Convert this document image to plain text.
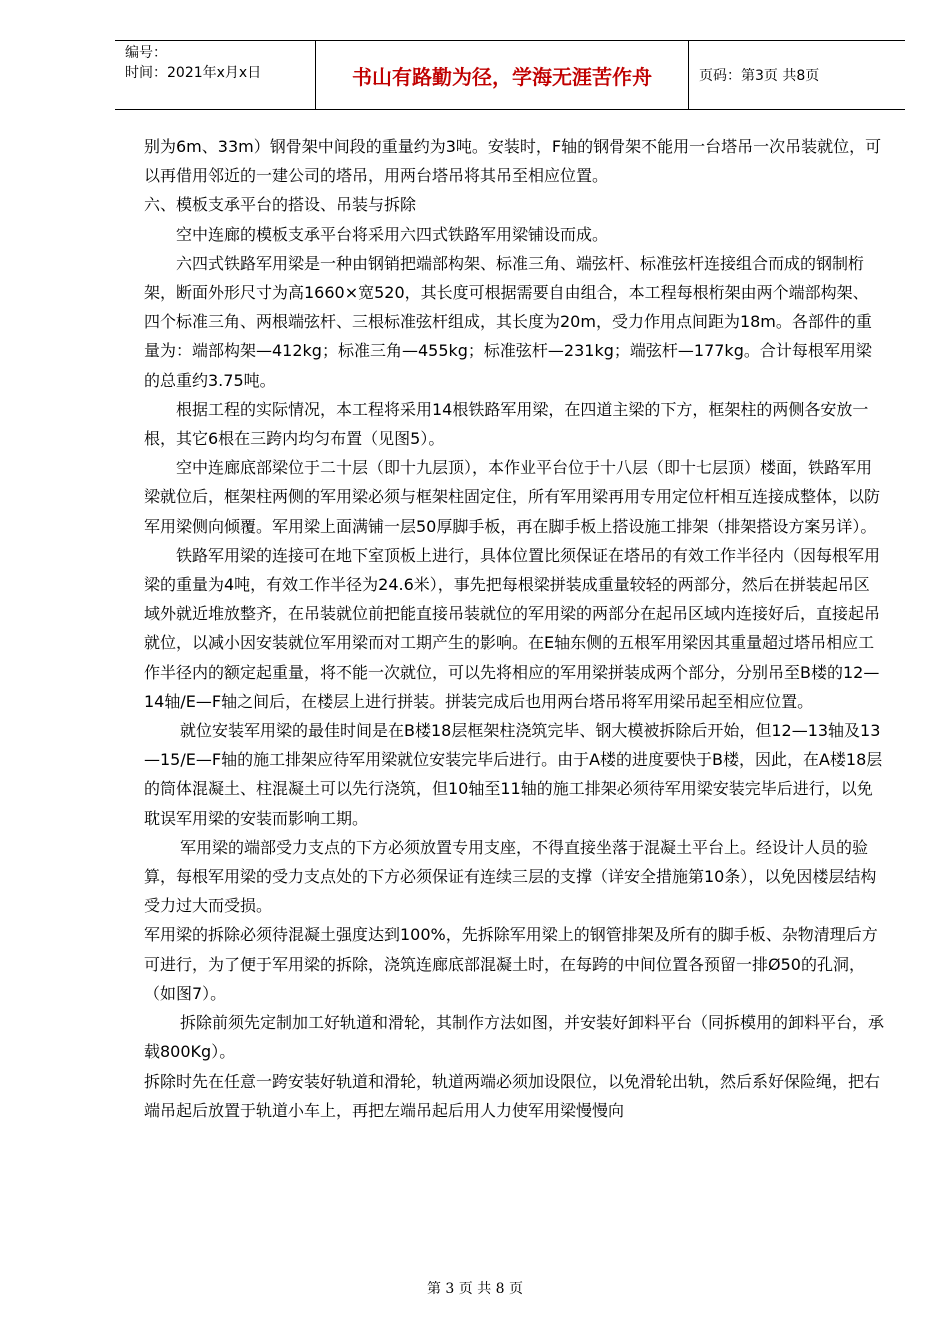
编号：
时间：2021年x月x日	书山有路勤为径，学海无涯苦作舟	页码：第3页 共8页

别为6m、33m）钢骨架中间段的重量约为3吨。安装时，F轴的钢骨架不能用一台塔吊一次吊装就位，可以再借用邻近的一建公司的塔吊，用两台塔吊将其吊至相应位置。

六、模板支承平台的搭设、吊装与拆除

空中连廊的模板支承平台将采用六四式铁路军用梁铺设而成。

六四式铁路军用梁是一种由钢销把端部构架、标准三角、端弦杆、标准弦杆连接组合而成的钢制桁架，断面外形尺寸为高1660×宽520，其长度可根据需要自由组合，本工程每根桁架由两个端部构架、四个标准三角、两根端弦杆、三根标准弦杆组成，其长度为20m，受力作用点间距为18m。各部件的重量为：端部构架—412kg；标准三角—455kg；标准弦杆—231kg；端弦杆—177kg。合计每根军用梁的总重约3.75吨。

根据工程的实际情况，本工程将采用14根铁路军用梁，在四道主梁的下方，框架柱的两侧各安放一根，其它6根在三跨内均匀布置（见图5）。

空中连廊底部梁位于二十层（即十九层顶），本作业平台位于十八层（即十七层顶）楼面，铁路军用梁就位后，框架柱两侧的军用梁必须与框架柱固定住，所有军用梁再用专用定位杆相互连接成整体，以防军用梁侧向倾覆。军用梁上面满铺一层50厚脚手板，再在脚手板上搭设施工排架（排架搭设方案另详）。

铁路军用梁的连接可在地下室顶板上进行，具体位置比须保证在塔吊的有效工作半径内（因每根军用梁的重量为4吨，有效工作半径为24.6米），事先把每根梁拼装成重量较轻的两部分，然后在拼装起吊区域外就近堆放整齐，在吊装就位前把能直接吊装就位的军用梁的两部分在起吊区域内连接好后，直接起吊就位，以减小因安装就位军用梁而对工期产生的影响。在E轴东侧的五根军用梁因其重量超过塔吊相应工作半径内的额定起重量，将不能一次就位，可以先将相应的军用梁拼装成两个部分，分别吊至B楼的12—14轴/E—F轴之间后，在楼层上进行拼装。拼装完成后也用两台塔吊将军用梁吊起至相应位置。

就位安装军用梁的最佳时间是在B楼18层框架柱浇筑完毕、钢大模被拆除后开始，但12—13轴及13—15/E—F轴的施工排架应待军用梁就位安装完毕后进行。由于A楼的进度要快于B楼，因此，在A楼18层的筒体混凝土、柱混凝土可以先行浇筑，但10轴至11轴的施工排架必须待军用梁安装完毕后进行，以免耽误军用梁的安装而影响工期。

军用梁的端部受力支点的下方必须放置专用支座，不得直接坐落于混凝土平台上。经设计人员的验算，每根军用梁的受力支点处的下方必须保证有连续三层的支撑（详安全措施第10条），以免因楼层结构受力过大而受损。

军用梁的拆除必须待混凝土强度达到100%，先拆除军用梁上的钢管排架及所有的脚手板、杂物清理后方可进行，为了便于军用梁的拆除，浇筑连廊底部混凝土时，在每跨的中间位置各预留一排Ø50的孔洞，（如图7）。

拆除前须先定制加工好轨道和滑轮，其制作方法如图，并安装好卸料平台（同拆模用的卸料平台，承载800Kg）。

拆除时先在任意一跨安装好轨道和滑轮，轨道两端必须加设限位，以免滑轮出轨，然后系好保险绳，把右端吊起后放置于轨道小车上，再把左端吊起后用人力使军用梁慢慢向

第 3 页 共 8 页
